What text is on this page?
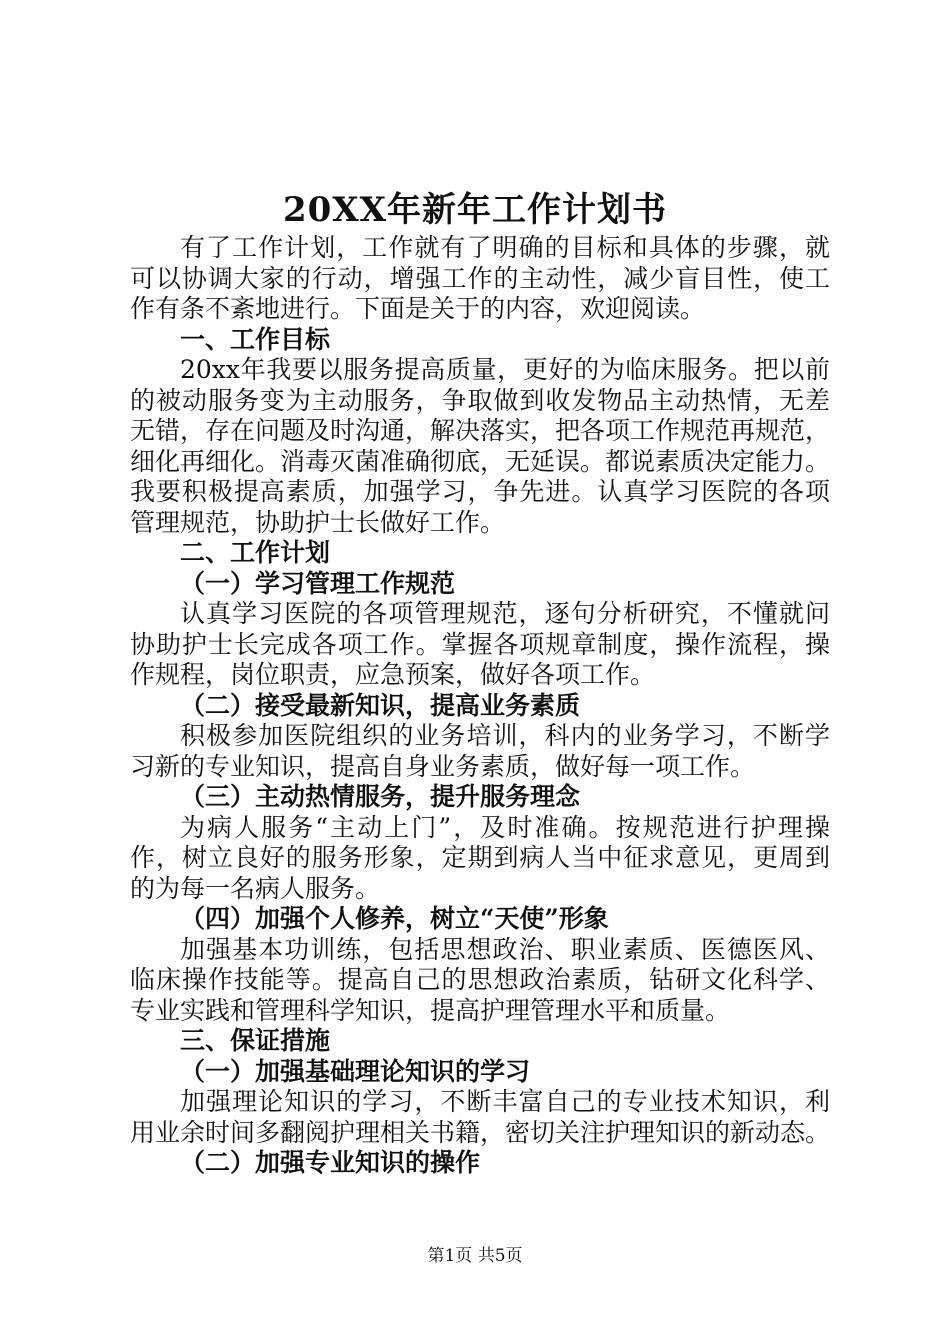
20XX年新年工作计划书
有了工作计划，工作就有了明确的目标和具体的步骤，就
可以协调大家的行动，增强工作的主动性，减少盲目性，使工
作有条不紊地进行。下面是关于的内容，欢迎阅读。
一、工作目标
20xx年我要以服务提高质量，更好的为临床服务。把以前
的被动服务变为主动服务，争取做到收发物品主动热情，无差
无错，存在问题及时沟通，解决落实，把各项工作规范再规范，
细化再细化。消毒灭菌准确彻底，无延误。都说素质决定能力。
我要积极提高素质，加强学习，争先进。认真学习医院的各项
管理规范，协助护士长做好工作。
二、工作计划
（一）学习管理工作规范
认真学习医院的各项管理规范，逐句分析研究，不懂就问
协助护士长完成各项工作。掌握各项规章制度，操作流程，操
作规程，岗位职责，应急预案，做好各项工作。
（二）接受最新知识，提高业务素质
积极参加医院组织的业务培训，科内的业务学习，不断学
习新的专业知识，提高自身业务素质，做好每一项工作。
（三）主动热情服务，提升服务理念
为病人服务“主动上门”，及时准确。按规范进行护理操
作，树立良好的服务形象，定期到病人当中征求意见，更周到
的为每一名病人服务。
（四）加强个人修养，树立“天使”形象
加强基本功训练，包括思想政治、职业素质、医德医风、
临床操作技能等。提高自己的思想政治素质，钻研文化科学、
专业实践和管理科学知识，提高护理管理水平和质量。
三、保证措施
（一）加强基础理论知识的学习
加强理论知识的学习，不断丰富自己的专业技术知识，利
用业余时间多翻阅护理相关书籍，密切关注护理知识的新动态。
（二）加强专业知识的操作
第1页 共5页
